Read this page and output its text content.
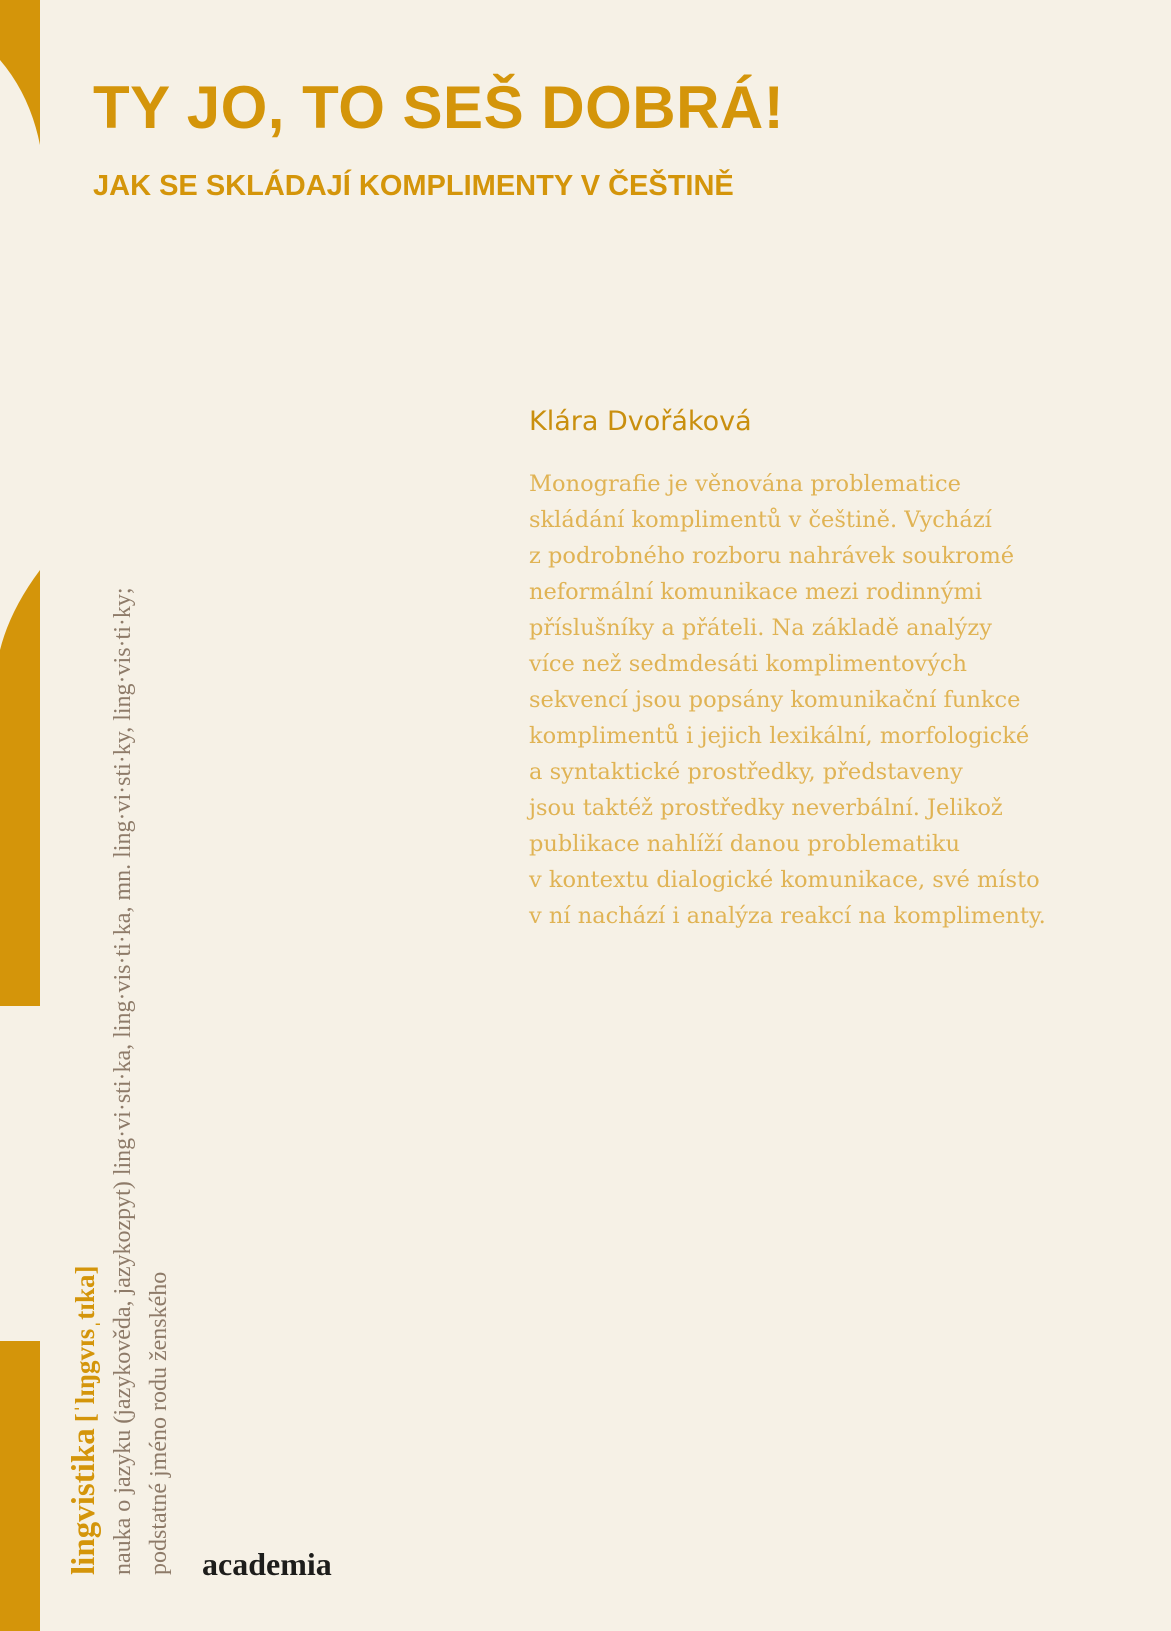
TY JO, TO SEŠ DOBRÁ!
JAK SE SKLÁDAJÍ KOMPLIMENTY V ČEŠTINĚ
Klára Dvořáková
Monografie je věnována problematice
skládání komplimentů v češtině. Vychází
z podrobného rozboru nahrávek soukromé
neformální komunikace mezi rodinnými
příslušníky a přáteli. Na základě analýzy
více než sedmdesáti komplimentových
sekvencí jsou popsány komunikační funkce
komplimentů i jejich lexikální, morfologické
a syntaktické prostředky, představeny
jsou taktéž prostředky neverbální. Jelikož
publikace nahlíží danou problematiku
v kontextu dialogické komunikace, své místo
v ní nachází i analýza reakcí na komplimenty.
lingvistika[ˈlɪŋgvɪsˌtɪka] nauka o jazyku (jazykověda, jazykozpyt) ling·vi·sti·ka, ling·vis·ti·ka, mn. ling·vi·sti·ky, ling·vis·ti·ky; podstatné jméno rodu ženského academia
